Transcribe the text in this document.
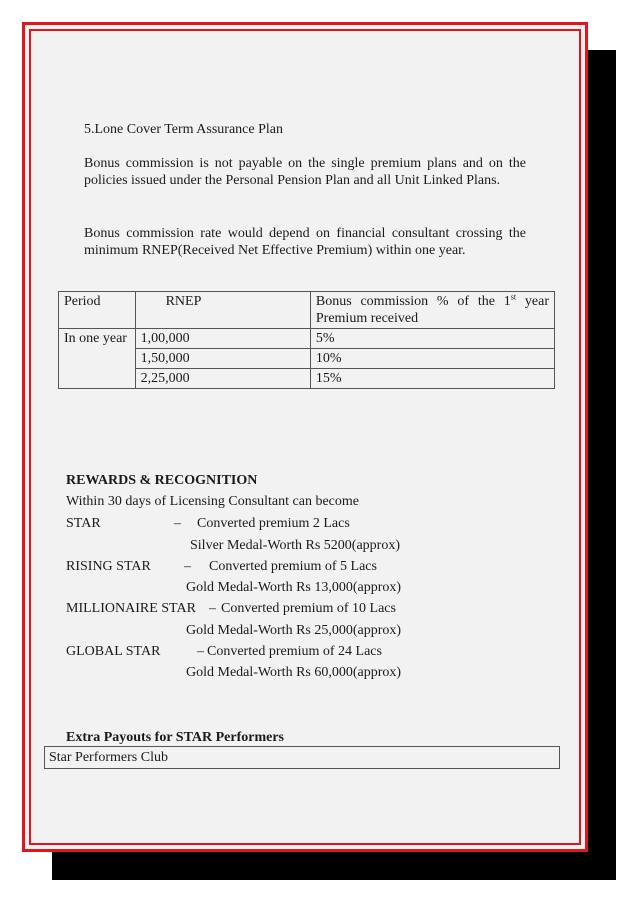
5.Lone Cover Term Assurance Plan
Bonus commission is not payable on the single premium plans and on the policies issued under the Personal Pension Plan and all Unit Linked Plans.
Bonus commission rate would depend on financial consultant crossing the minimum RNEP(Received Net Effective Premium) within one year.
Period	RNEP	Bonus commission % of the 1st year Premium received
In one year	1,00,000	5%
	1,50,000	10%
	2,25,000	15%
REWARDS & RECOGNITION
Within 30 days of Licensing Consultant can become
STAR	– Converted premium 2 Lacs
Silver Medal-Worth Rs 5200(approx)
RISING STAR – Converted premium of 5 Lacs
Gold Medal-Worth Rs 13,000(approx)
MILLIONAIRE STAR – Converted premium of 10 Lacs
Gold Medal-Worth Rs 25,000(approx)
GLOBAL STAR	– Converted premium of 24 Lacs
Gold Medal-Worth Rs 60,000(approx)
Extra Payouts for STAR Performers
Star Performers Club
